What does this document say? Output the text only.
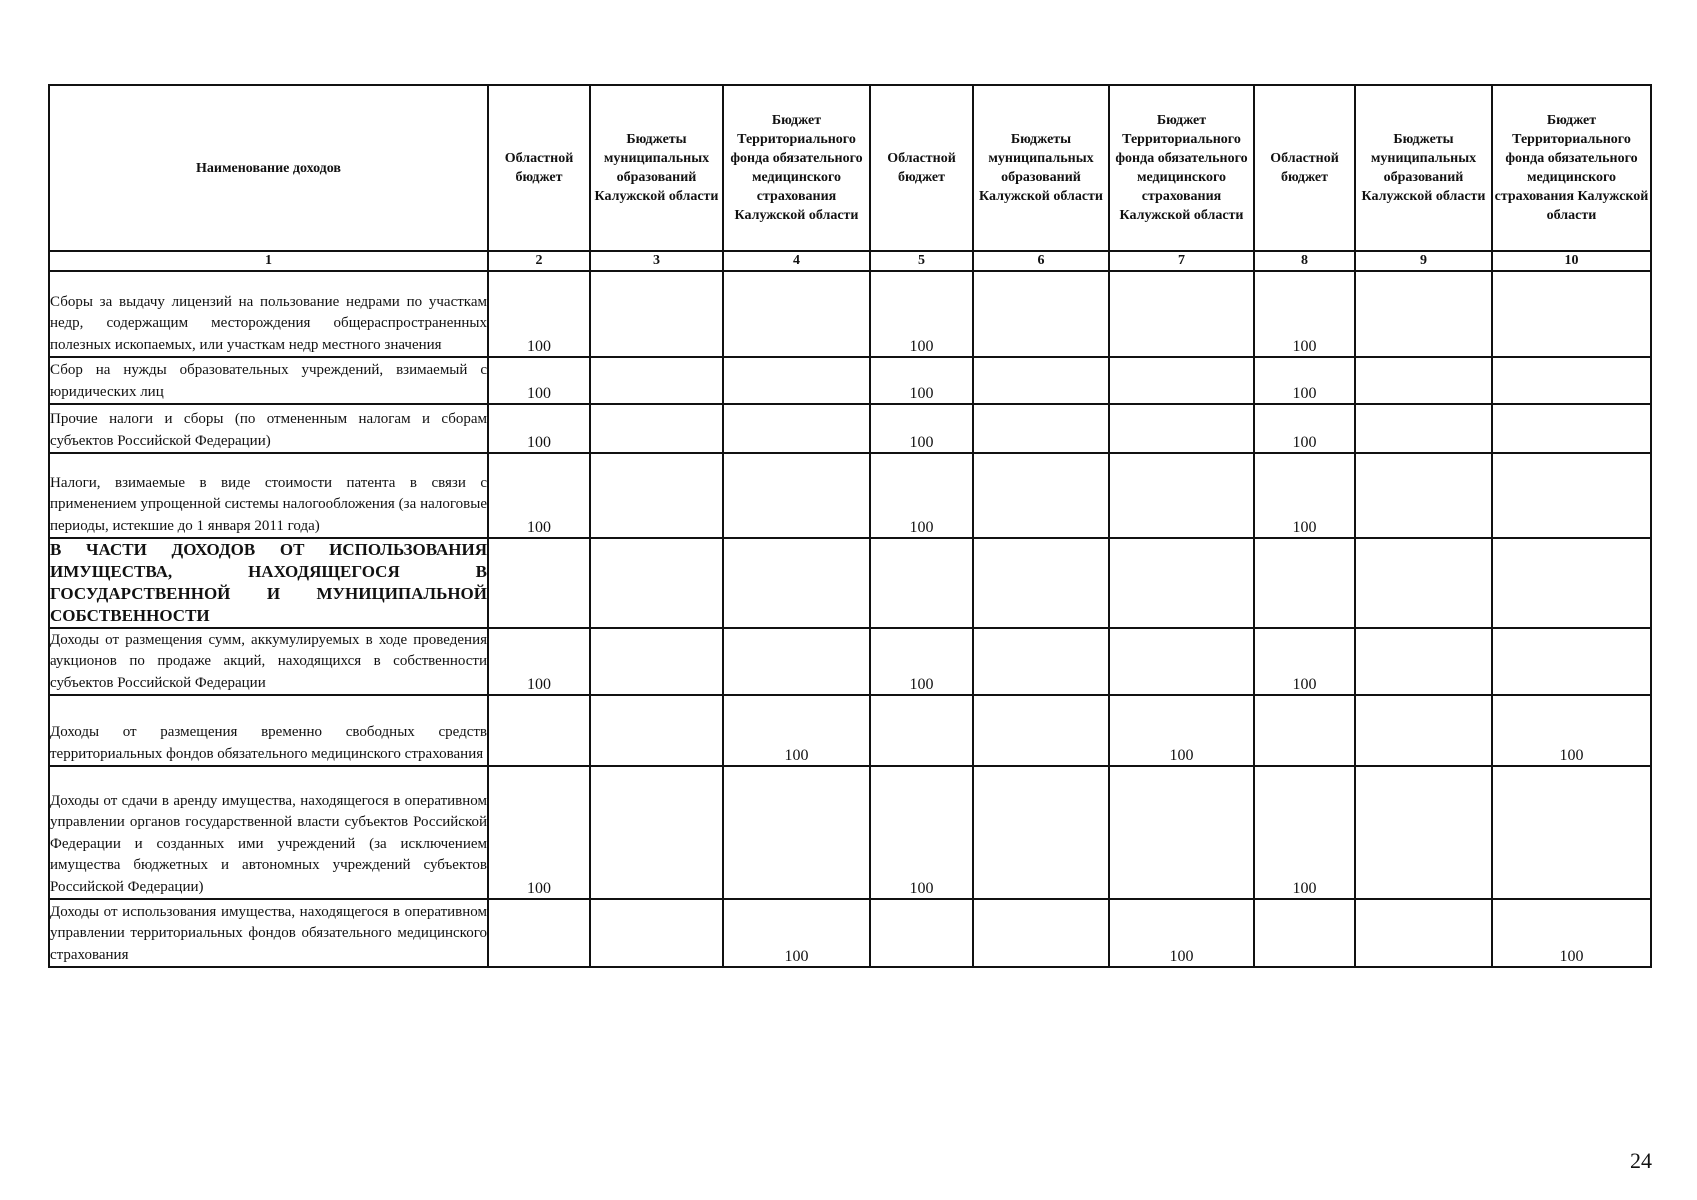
Наименование доходов	Областной бюджет	Бюджеты муниципальных образований Калужской области	Бюджет Территориального фонда обязательного медицинского страхования Калужской области	Областной бюджет	Бюджеты муниципальных образований Калужской области	Бюджет Территориального фонда обязательного медицинского страхования Калужской области	Областной бюджет	Бюджеты муниципальных образований Калужской области	Бюджет Территориального фонда обязательного медицинского страхования Калужской области
1	2	3	4	5	6	7	8	9	10
Сборы за выдачу лицензий на пользование недрами по участкам недр, содержащим месторождения общераспространенных полезных ископаемых, или участкам недр местного значения	100			100			100		
Сбор на нужды образовательных учреждений, взимаемый с юридических лиц	100			100			100		
Прочие налоги и сборы (по отмененным налогам и сборам субъектов Российской Федерации)	100			100			100		
Налоги, взимаемые в виде стоимости патента в связи с применением упрощенной системы налогообложения (за налоговые периоды, истекшие до 1 января 2011 года)	100			100			100		
В ЧАСТИ ДОХОДОВ ОТ ИСПОЛЬЗОВАНИЯ ИМУЩЕСТВА, НАХОДЯЩЕГОСЯ В ГОСУДАРСТВЕННОЙ И МУНИЦИПАЛЬНОЙ СОБСТВЕННОСТИ									
Доходы от размещения сумм, аккумулируемых в ходе проведения аукционов по продаже акций, находящихся в собственности субъектов Российской Федерации	100			100			100		
Доходы от размещения временно свободных средств территориальных фондов обязательного медицинского страхования			100			100			100
Доходы от сдачи в аренду имущества, находящегося в оперативном управлении органов государственной власти субъектов Российской Федерации и созданных ими учреждений (за исключением имущества бюджетных и автономных учреждений субъектов Российской Федерации)	100			100			100		
Доходы от использования имущества, находящегося в оперативном управлении территориальных фондов обязательного медицинского страхования			100			100			100
24
